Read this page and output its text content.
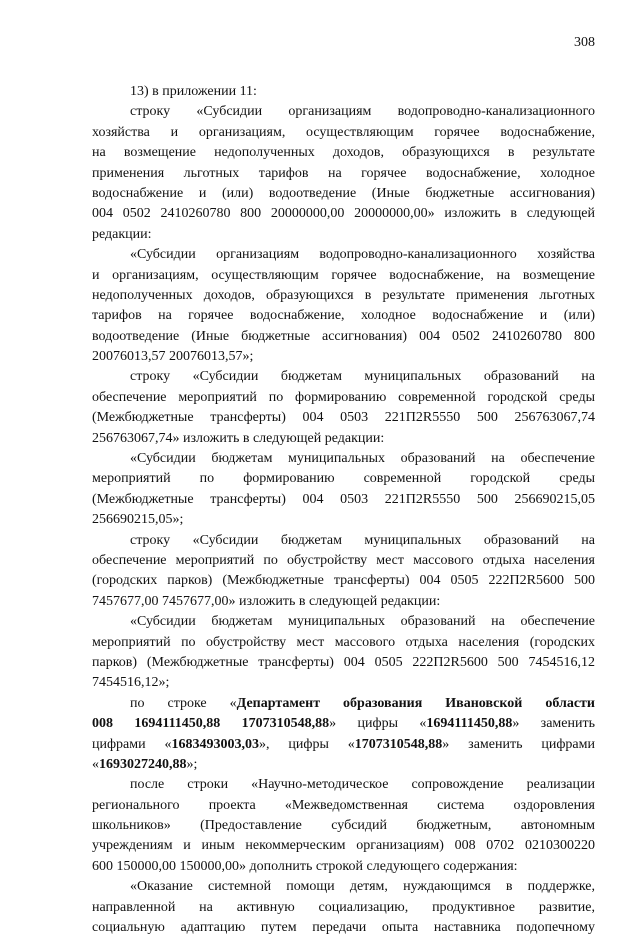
308
13) в приложении 11:
строку «Субсидии организациям водопроводно-канализационного
хозяйства и организациям, осуществляющим горячее водоснабжение,
на возмещение недополученных доходов, образующихся в результате
применения льготных тарифов на горячее водоснабжение, холодное
водоснабжение и (или) водоотведение (Иные бюджетные ассигнования)
004 0502 2410260780 800 20000000,00 20000000,00» изложить в следующей
редакции:
«Субсидии организациям водопроводно-канализационного хозяйства
и организациям, осуществляющим горячее водоснабжение, на возмещение
недополученных доходов, образующихся в результате применения льготных
тарифов на горячее водоснабжение, холодное водоснабжение и (или)
водоотведение (Иные бюджетные ассигнования) 004 0502 2410260780 800
20076013,57 20076013,57»;
строку «Субсидии бюджетам муниципальных образований на
обеспечение мероприятий по формированию современной городской среды
(Межбюджетные трансферты) 004 0503 221П2R5550 500 256763067,74
256763067,74» изложить в следующей редакции:
«Субсидии бюджетам муниципальных образований на обеспечение
мероприятий по формированию современной городской среды
(Межбюджетные трансферты) 004 0503 221П2R5550 500 256690215,05
256690215,05»;
строку «Субсидии бюджетам муниципальных образований на
обеспечение мероприятий по обустройству мест массового отдыха населения
(городских парков) (Межбюджетные трансферты) 004 0505 222П2R5600 500
7457677,00 7457677,00» изложить в следующей редакции:
«Субсидии бюджетам муниципальных образований на обеспечение
мероприятий по обустройству мест массового отдыха населения (городских
парков) (Межбюджетные трансферты) 004 0505 222П2R5600 500 7454516,12
7454516,12»;
по строке «Департамент образования Ивановской области
008 1694111450,88 1707310548,88» цифры «1694111450,88» заменить
цифрами «1683493003,03», цифры «1707310548,88» заменить цифрами
«1693027240,88»;
после строки «Научно-методическое сопровождение реализации
регионального проекта «Межведомственная система оздоровления
школьников» (Предоставление субсидий бюджетным, автономным
учреждениям и иным некоммерческим организациям) 008 0702 0210300220
600 150000,00 150000,00» дополнить строкой следующего содержания:
«Оказание системной помощи детям, нуждающимся в поддержке,
направленной на активную социализацию, продуктивное развитие,
социальную адаптацию путем передачи опыта наставника подопечному
